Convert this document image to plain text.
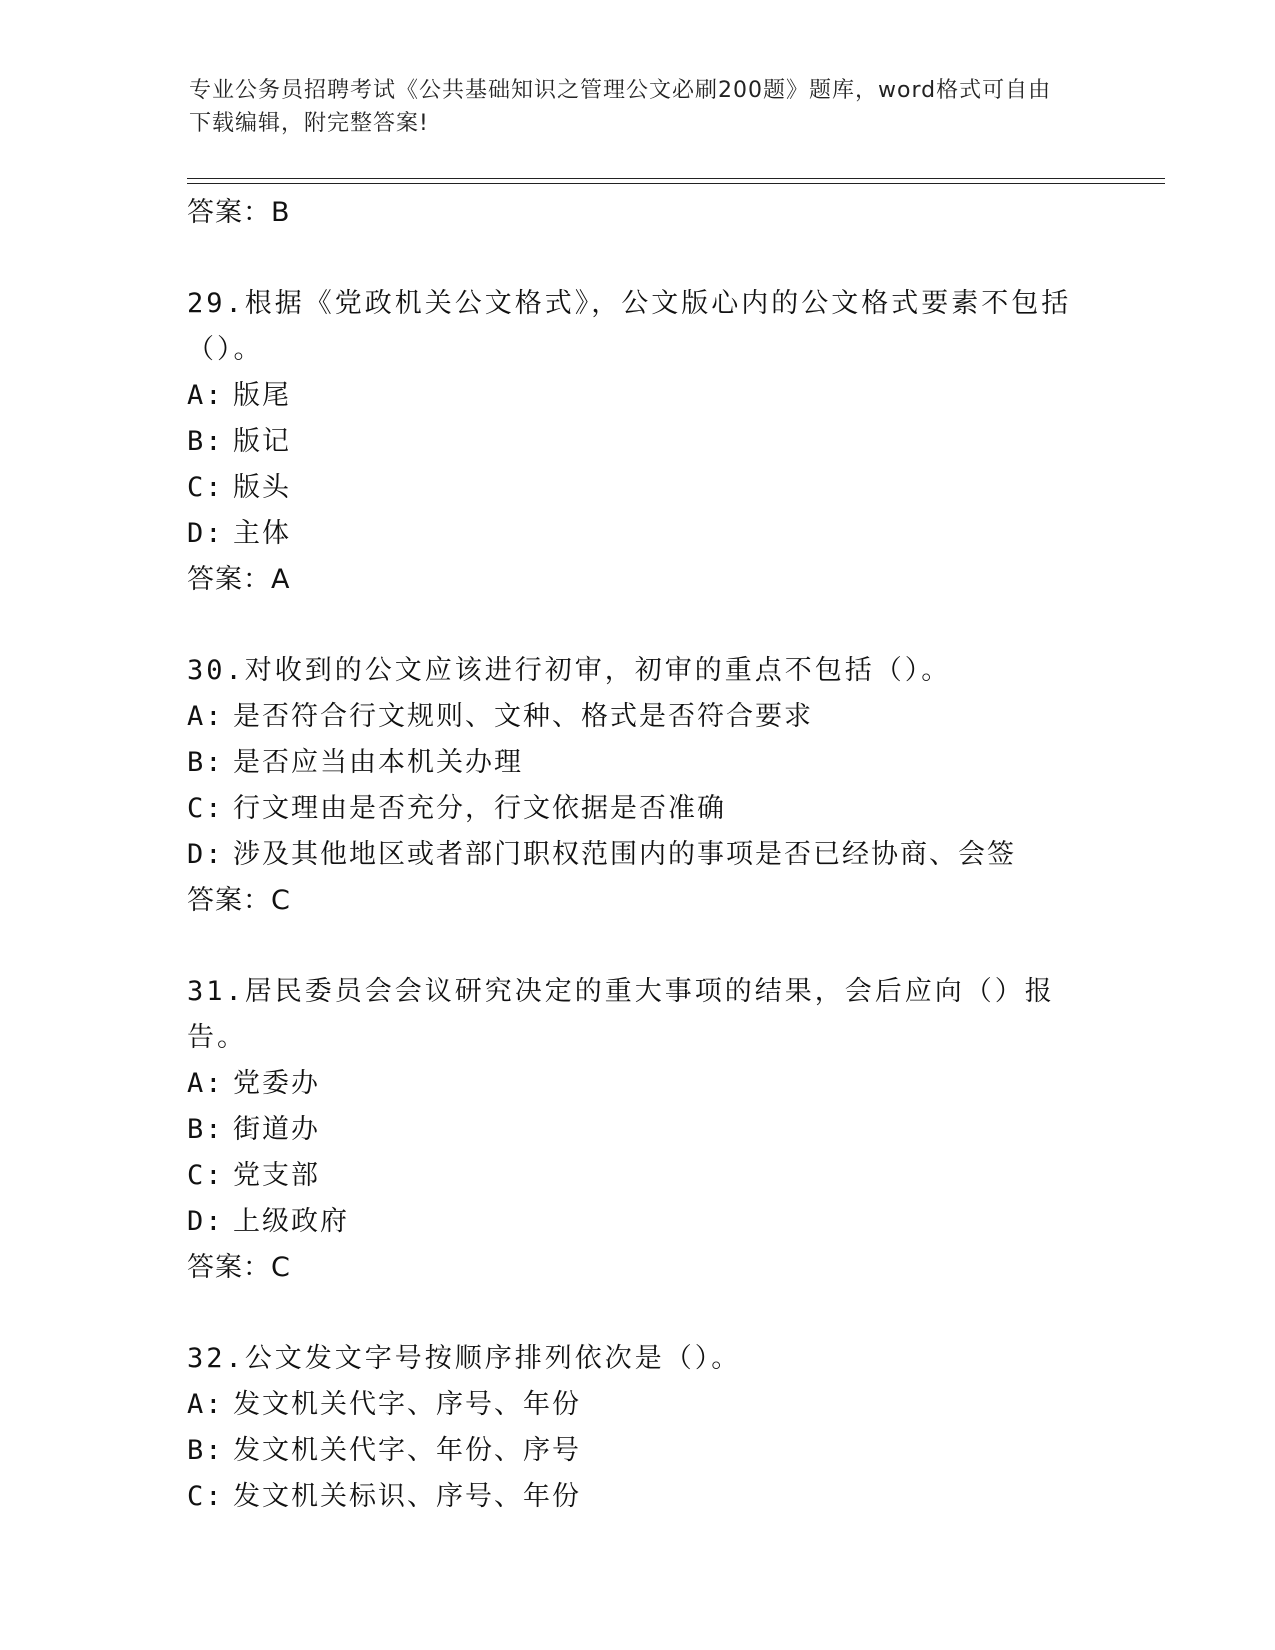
专业公务员招聘考试《公共基础知识之管理公文必刷200题》题库，word格式可自由下载编辑，附完整答案!
答案：B
29.根据《党政机关公文格式》，公文版心内的公文格式要素不包括（）。
A: 版尾
B: 版记
C: 版头
D: 主体
答案：A
30.对收到的公文应该进行初审，初审的重点不包括（）。
A: 是否符合行文规则、文种、格式是否符合要求
B: 是否应当由本机关办理
C: 行文理由是否充分，行文依据是否准确
D: 涉及其他地区或者部门职权范围内的事项是否已经协商、会签
答案：C
31.居民委员会会议研究决定的重大事项的结果，会后应向（）报告。
A: 党委办
B: 街道办
C: 党支部
D: 上级政府
答案：C
32.公文发文字号按顺序排列依次是（）。
A: 发文机关代字、序号、年份
B: 发文机关代字、年份、序号
C: 发文机关标识、序号、年份
